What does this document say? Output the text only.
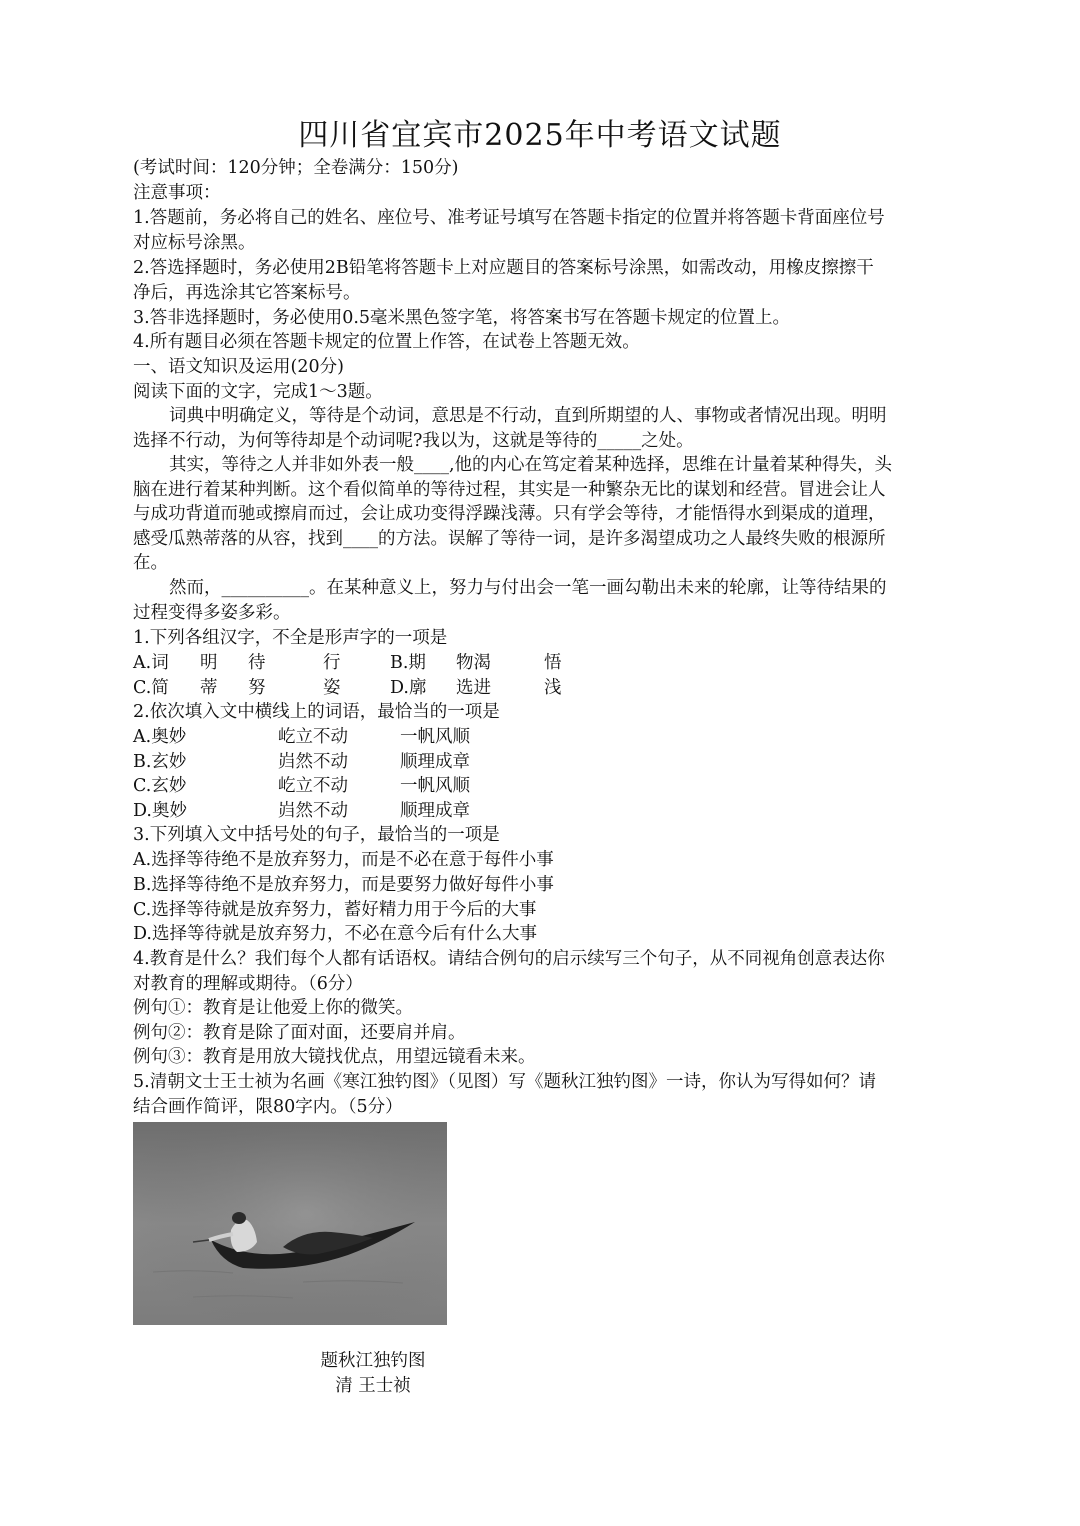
四川省宜宾市2025年中考语文试题
(考试时间：120分钟；全卷满分：150分)
注意事项：
1.答题前，务必将自己的姓名、座位号、准考证号填写在答题卡指定的位置并将答题卡背面座位号
对应标号涂黑。
2.答选择题时，务必使用2B铅笔将答题卡上对应题目的答案标号涂黑，如需改动，用橡皮擦擦干
净后，再选涂其它答案标号。
3.答非选择题时，务必使用0.5毫米黑色签字笔，将答案书写在答题卡规定的位置上。
4.所有题目必须在答题卡规定的位置上作答，在试卷上答题无效。
一、语文知识及运用(20分)
阅读下面的文字，完成1～3题。
词典中明确定义，等待是个动词，意思是不行动，直到所期望的人、事物或者情况出现。明明
选择不行动，为何等待却是个动词呢?我以为，这就是等待的_____之处。
其实，等待之人并非如外表一般____,他的内心在笃定着某种选择，思维在计量着某种得失，头
脑在进行着某种判断。这个看似简单的等待过程，其实是一种繁杂无比的谋划和经营。冒进会让人
与成功背道而驰或擦肩而过，会让成功变得浮躁浅薄。只有学会等待，才能悟得水到渠成的道理，
感受瓜熟蒂落的从容，找到____的方法。误解了等待一词，是许多渴望成功之人最终失败的根源所
在。
然而，__________。在某种意义上，努力与付出会一笔一画勾勒出未来的轮廓，让等待结果的
过程变得多姿多彩。
1.下列各组汉字，不全是形声字的一项是
A.词 明 待	行	B.期 物渴	悟
C.简 蒂 努	姿	D.廓 选进	浅
2.依次填入文中横线上的词语，最恰当的一项是
A.奥妙	屹立不动	一帆风顺
B.玄妙	岿然不动	顺理成章
C.玄妙	屹立不动	一帆风顺
D.奥妙	岿然不动	顺理成章
3.下列填入文中括号处的句子，最恰当的一项是
A.选择等待绝不是放弃努力，而是不必在意于每件小事
B.选择等待绝不是放弃努力，而是要努力做好每件小事
C.选择等待就是放弃努力，蓄好精力用于今后的大事
D.选择等待就是放弃努力，不必在意今后有什么大事
4.教育是什么？我们每个人都有话语权。请结合例句的启示续写三个句子，从不同视角创意表达你
对教育的理解或期待。（6分）
例句①：教育是让他爱上你的微笑。
例句②：教育是除了面对面，还要肩并肩。
例句③：教育是用放大镜找优点，用望远镜看未来。
5.清朝文士王士祯为名画《寒江独钓图》（见图）写《题秋江独钓图》一诗，你认为写得如何？请
结合画作简评，限80字内。（5分）
题秋江独钓图
清 王士祯
